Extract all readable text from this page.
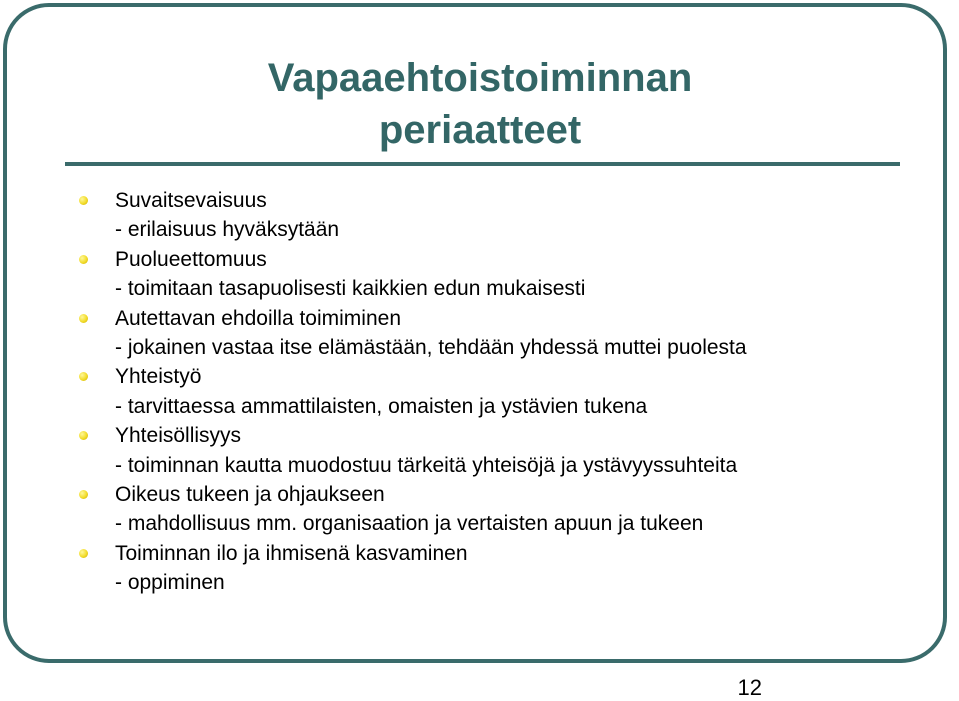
Vapaaehtoistoiminnan
periaatteet
Suvaitsevaisuus
- erilaisuus hyväksytään
Puolueettomuus
- toimitaan tasapuolisesti kaikkien edun mukaisesti
Autettavan ehdoilla toimiminen
- jokainen vastaa itse elämästään, tehdään yhdessä muttei puolesta
Yhteistyö
- tarvittaessa ammattilaisten, omaisten ja ystävien tukena
Yhteisöllisyys
- toiminnan kautta muodostuu tärkeitä yhteisöjä ja ystävyyssuhteita
Oikeus tukeen ja ohjaukseen
- mahdollisuus mm. organisaation ja vertaisten apuun ja tukeen
Toiminnan ilo ja ihmisenä kasvaminen
- oppiminen
12
